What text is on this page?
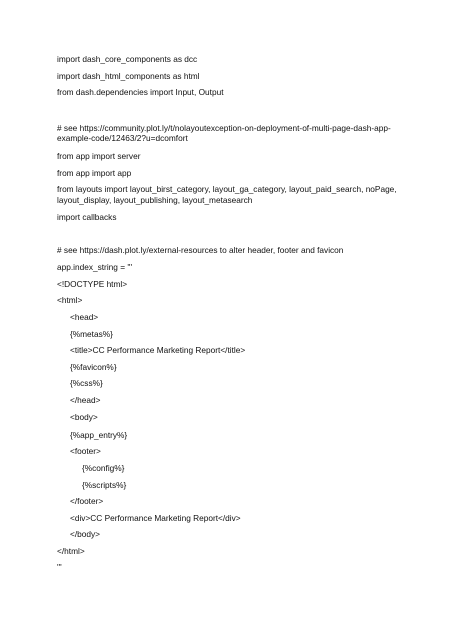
import dash_core_components as dcc
import dash_html_components as html
from dash.dependencies import Input, Output
# see https://community.plot.ly/t/nolayoutexception-on-deployment-of-multi-page-dash-app-
example-code/12463/2?u=dcomfort
from app import server
from app import app
from layouts import layout_birst_category, layout_ga_category, layout_paid_search, noPage,
layout_display, layout_publishing, layout_metasearch
import callbacks
# see https://dash.plot.ly/external-resources to alter header, footer and favicon
app.index_string = '''
<!DOCTYPE html>
<html>
<head>
{%metas%}
<title>CC Performance Marketing Report</title>
{%favicon%}
{%css%}
</head>
<body>
{%app_entry%}
<footer>
{%config%}
{%scripts%}
</footer>
<div>CC Performance Marketing Report</div>
</body>
</html>
'''
